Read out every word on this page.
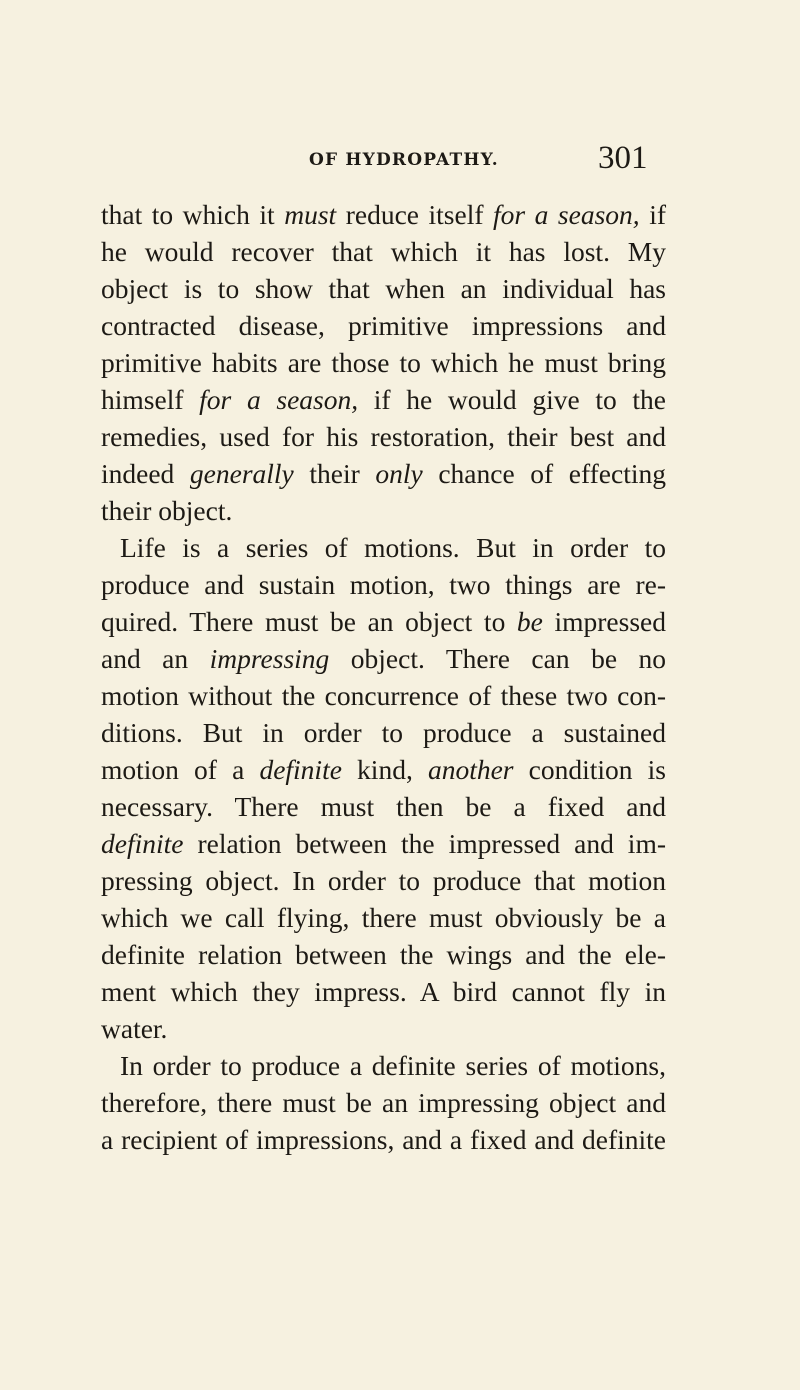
OF HYDROPATHY.	301
that to which it must reduce itself for a season, if
he would recover that which it has lost. My
object is to show that when an individual has
contracted disease, primitive impressions and
primitive habits are those to which he must bring
himself for a season, if he would give to the
remedies, used for his restoration, their best and
indeed generally their only chance of effecting
their object.
Life is a series of motions. But in order to
produce and sustain motion, two things are re-
quired. There must be an object to be impressed
and an impressing object. There can be no
motion without the concurrence of these two con-
ditions. But in order to produce a sustained
motion of a definite kind, another condition is
necessary. There must then be a fixed and
definite relation between the impressed and im-
pressing object. In order to produce that motion
which we call flying, there must obviously be a
definite relation between the wings and the ele-
ment which they impress. A bird cannot fly in
water.
In order to produce a definite series of motions,
therefore, there must be an impressing object and
a recipient of impressions, and a fixed and definite
